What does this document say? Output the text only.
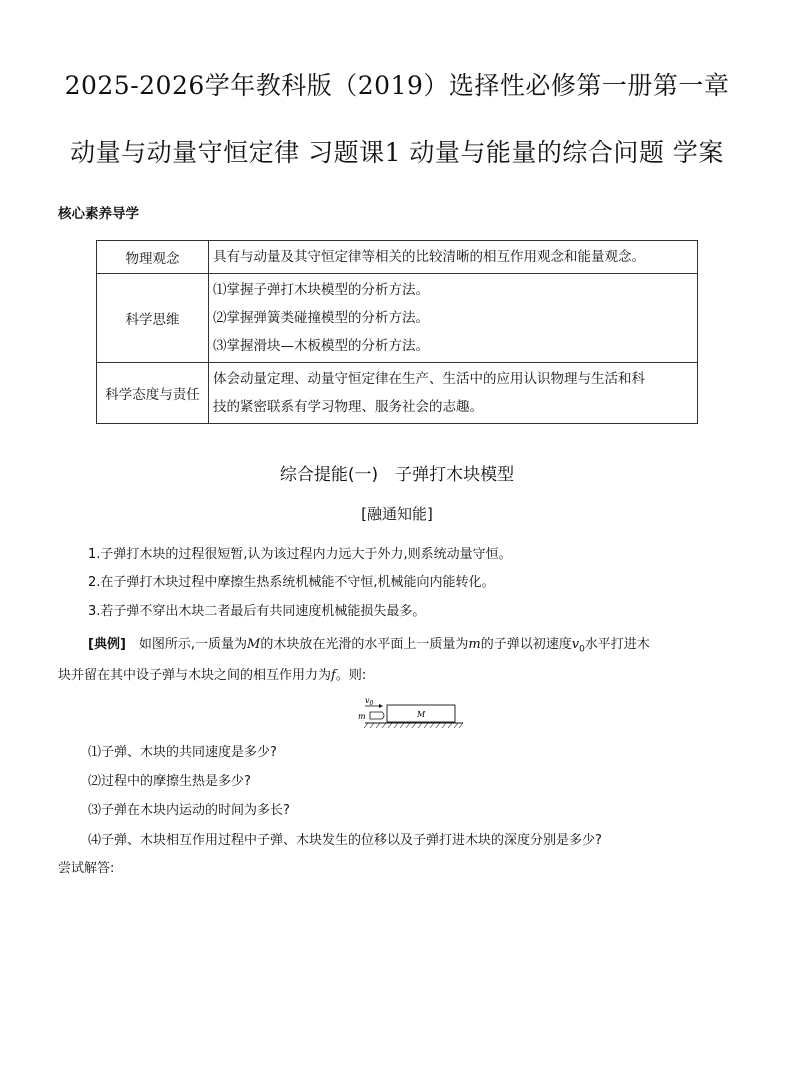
2025-2026学年教科版（2019）选择性必修第一册第一章
动量与动量守恒定律 习题课1 动量与能量的综合问题 学案
核心素养导学
物理观念	具有与动量及其守恒定律等相关的比较清晰的相互作用观念和能量观念。

科学思维	⑴掌握子弹打木块模型的分析方法。
⑵掌握弹簧类碰撞模型的分析方法。
⑶掌握滑块—木板模型的分析方法。

科学态度与责任	体会动量定理、动量守恒定律在生产、生活中的应用认识物理与生活和科
技的紧密联系有学习物理、服务社会的志趣。
综合提能(一)　子弹打木块模型
[融通知能]
1.子弹打木块的过程很短暂,认为该过程内力远大于外力,则系统动量守恒。
2.在子弹打木块过程中摩擦生热系统机械能不守恒,机械能向内能转化。
3.若子弹不穿出木块二者最后有共同速度机械能损失最多。
[典例]　如图所示,一质量为M的木块放在光滑的水平面上一质量为m的子弹以初速度$v_0$水平打进木
块并留在其中设子弹与木块之间的相互作用力为f。则:
$v_0$
m	M
⑴子弹、木块的共同速度是多少?
⑵过程中的摩擦生热是多少?
⑶子弹在木块内运动的时间为多长?
⑷子弹、木块相互作用过程中子弹、木块发生的位移以及子弹打进木块的深度分别是多少?
尝试解答:
